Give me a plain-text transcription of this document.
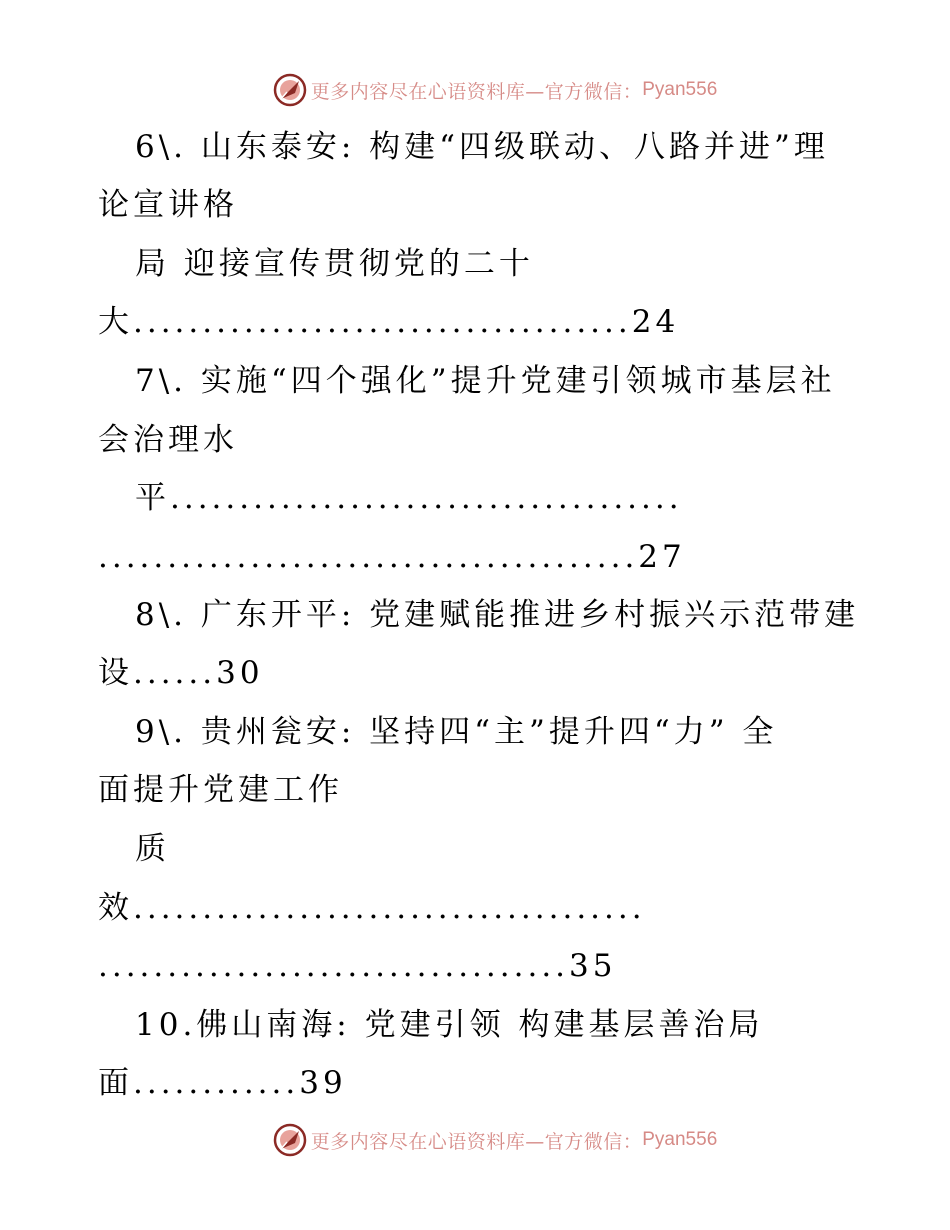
更多内容尽在心语资料库—官方微信： Pyan556
6\. 山东泰安: 构建“四级联动、八路并进”理
论宣讲格
局 迎接宣传贯彻党的二十
大....................................24
7\. 实施“四个强化”提升党建引领城市基层社
会治理水
平.....................................
.......................................27
8\. 广东开平: 党建赋能推进乡村振兴示范带建
设......30
9\. 贵州瓮安: 坚持四“主”提升四“力” 全
面提升党建工作
质
效.....................................
..................................35
10.佛山南海: 党建引领 构建基层善治局
面............39
更多内容尽在心语资料库—官方微信： Pyan556
